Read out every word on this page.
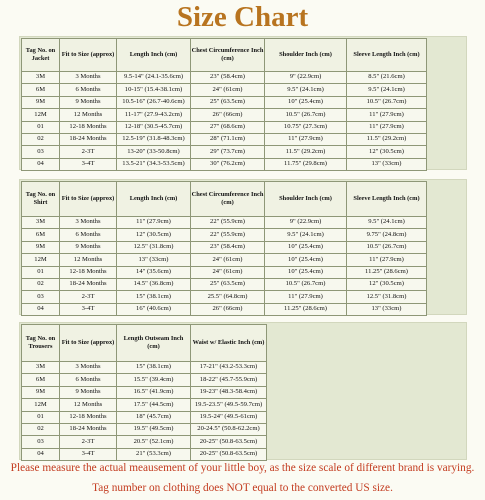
Size Chart
Tag No. on Jacket	Fit to Size (approx)	Length Inch (cm)	Chest Circumference Inch (cm)	Shoulder Inch (cm)	Sleeve Length Inch (cm)
3M	3 Months	9.5-14" (24.1-35.6cm)	23" (58.4cm)	9" (22.9cm)	8.5" (21.6cm)
6M	6 Months	10-15" (15.4-38.1cm)	24" (61cm)	9.5" (24.1cm)	9.5" (24.1cm)
9M	9 Months	10.5-16" (26.7-40.6cm)	25" (63.5cm)	10" (25.4cm)	10.5" (26.7cm)
12M	12 Months	11-17" (27.9-43.2cm)	26" (66cm)	10.5" (26.7cm)	11" (27.9cm)
01	12-18 Months	12-18" (30.5-45.7cm)	27" (68.6cm)	10.75" (27.3cm)	11" (27.9cm)
02	18-24 Months	12.5-19" (31.8-48.3cm)	28" (71.1cm)	11" (27.9cm)	11.5" (29.2cm)
03	2-3T	13-20" (33-50.8cm)	29" (73.7cm)	11.5" (29.2cm)	12" (30.5cm)
04	3-4T	13.5-21" (34.3-53.5cm)	30" (76.2cm)	11.75" (29.8cm)	13" (33cm)
Tag No. on Shirt	Fit to Size (approx)	Length Inch (cm)	Chest Circumference Inch (cm)	Shoulder Inch (cm)	Sleeve Length Inch (cm)
3M	3 Months	11" (27.9cm)	22" (55.9cm)	9" (22.9cm)	9.5" (24.1cm)
6M	6 Months	12" (30.5cm)	22" (55.9cm)	9.5" (24.1cm)	9.75" (24.8cm)
9M	9 Months	12.5" (31.8cm)	23" (58.4cm)	10" (25.4cm)	10.5" (26.7cm)
12M	12 Months	13" (33cm)	24" (61cm)	10" (25.4cm)	11" (27.9cm)
01	12-18 Months	14" (35.6cm)	24" (61cm)	10" (25.4cm)	11.25" (28.6cm)
02	18-24 Months	14.5" (36.8cm)	25" (63.5cm)	10.5" (26.7cm)	12" (30.5cm)
03	2-3T	15" (38.1cm)	25.5" (64.8cm)	11" (27.9cm)	12.5" (31.8cm)
04	3-4T	16" (40.6cm)	26" (66cm)	11.25" (28.6cm)	13" (33cm)
Tag No. on Trousers	Fit to Size (approx)	Length Outseam Inch (cm)	Waist w/ Elastic Inch (cm)
3M	3 Months	15" (38.1cm)	17-21" (43.2-53.3cm)
6M	6 Months	15.5" (39.4cm)	18-22" (45.7-55.9cm)
9M	9 Months	16.5" (41.9cm)	19-23" (48.3-58.4cm)
12M	12 Months	17.5" (44.5cm)	19.5-23.5" (49.5-59.7cm)
01	12-18 Months	18" (45.7cm)	19.5-24" (49.5-61cm)
02	18-24 Months	19.5" (49.5cm)	20-24.5" (50.8-62.2cm)
03	2-3T	20.5" (52.1cm)	20-25" (50.8-63.5cm)
04	3-4T	21" (53.3cm)	20-25" (50.8-63.5cm)
Please measure the actual meausement of your little boy, as the size scale of different brand is varying.
Tag number on clothing does NOT equal to the converted US size.
